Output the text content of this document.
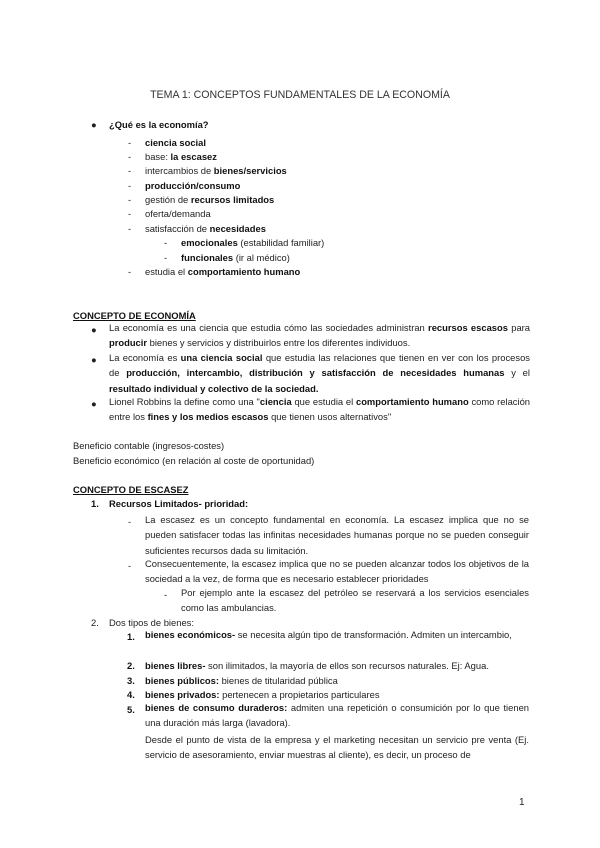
TEMA 1: CONCEPTOS FUNDAMENTALES DE LA ECONOMÍA
● ¿Qué es la economía?
- ciencia social
- base: la escasez
- intercambios de bienes/servicios
- producción/consumo
- gestión de recursos limitados
- oferta/demanda
- satisfacción de necesidades
- emocionales (estabilidad familiar)
- funcionales (ir al médico)
- estudia el comportamiento humano
CONCEPTO DE ECONOMÍA
● La economía es una ciencia que estudia cómo las sociedades administran recursos escasos para producir bienes y servicios y distribuirlos entre los diferentes individuos.
● La economía es una ciencia social que estudia las relaciones que tienen en ver con los procesos de producción, intercambio, distribución y satisfacción de necesidades humanas y el resultado individual y colectivo de la sociedad.
● Lionel Robbins la define como una "ciencia que estudia el comportamiento humano como relación entre los fines y los medios escasos que tienen usos alternativos"
Beneficio contable (ingresos-costes)
Beneficio económico (en relación al coste de oportunidad)
CONCEPTO DE ESCASEZ
1. Recursos Limitados- prioridad:
- La escasez es un concepto fundamental en economía. La escasez implica que no se pueden satisfacer todas las infinitas necesidades humanas porque no se pueden conseguir suficientes recursos dada su limitación.
- Consecuentemente, la escasez implica que no se pueden alcanzar todos los objetivos de la sociedad a la vez, de forma que es necesario establecer prioridades
- Por ejemplo ante la escasez del petróleo se reservará a los servicios esenciales como las ambulancias.
2. Dos tipos de bienes:
1. bienes económicos- se necesita algún tipo de transformación. Admiten un intercambio,
2. bienes libres- son ilimitados, la mayoría de ellos son recursos naturales. Ej: Agua.
3. bienes públicos: bienes de titularidad pública
4. bienes privados: pertenecen a propietarios particulares
5. bienes de consumo duraderos: admiten una repetición o consumición por lo que tienen una duración más larga (lavadora).
Desde el punto de vista de la empresa y el marketing necesitan un servicio pre venta (Ej. servicio de asesoramiento, enviar muestras al cliente), es decir, un proceso de
1
